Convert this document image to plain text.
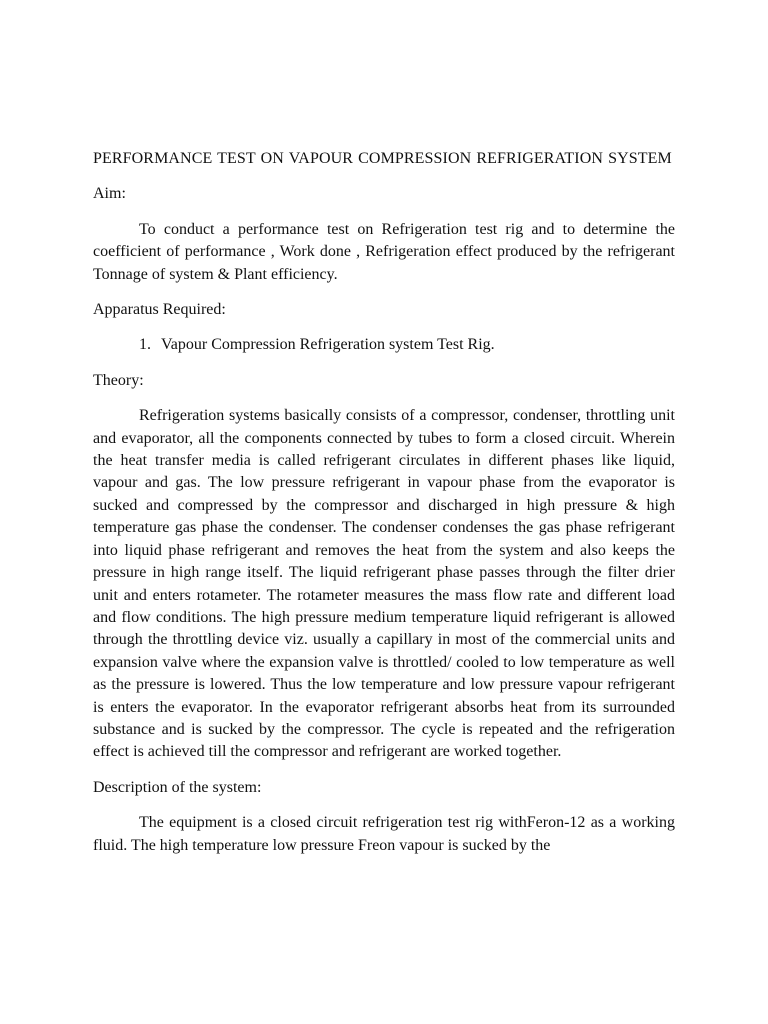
PERFORMANCE TEST ON VAPOUR COMPRESSION REFRIGERATION SYSTEM
Aim:
To conduct a performance test on Refrigeration test rig and to determine the coefficient of performance , Work done , Refrigeration effect produced by the refrigerant Tonnage of system & Plant efficiency.
Apparatus Required:
1. Vapour Compression Refrigeration system Test Rig.
Theory:
Refrigeration systems basically consists of a compressor, condenser, throttling unit and evaporator, all the components connected by tubes to form a closed circuit. Wherein the heat transfer media is called refrigerant circulates in different phases like liquid, vapour and gas. The low pressure refrigerant in vapour phase from the evaporator is sucked and compressed by the compressor and discharged in high pressure & high temperature gas phase the condenser. The condenser condenses the gas phase refrigerant into liquid phase refrigerant and removes the heat from the system and also keeps the pressure in high range itself. The liquid refrigerant phase passes through the filter drier unit and enters rotameter. The rotameter measures the mass flow rate and different load and flow conditions. The high pressure medium temperature liquid refrigerant is allowed through the throttling device viz. usually a capillary in most of the commercial units and expansion valve where the expansion valve is throttled/ cooled to low temperature as well as the pressure is lowered. Thus the low temperature and low pressure vapour refrigerant is enters the evaporator. In the evaporator refrigerant absorbs heat from its surrounded substance and is sucked by the compressor. The cycle is repeated and the refrigeration effect is achieved till the compressor and refrigerant are worked together.
Description of the system:
The equipment is a closed circuit refrigeration test rig withFeron-12 as a working fluid. The high temperature low pressure Freon vapour is sucked by the
